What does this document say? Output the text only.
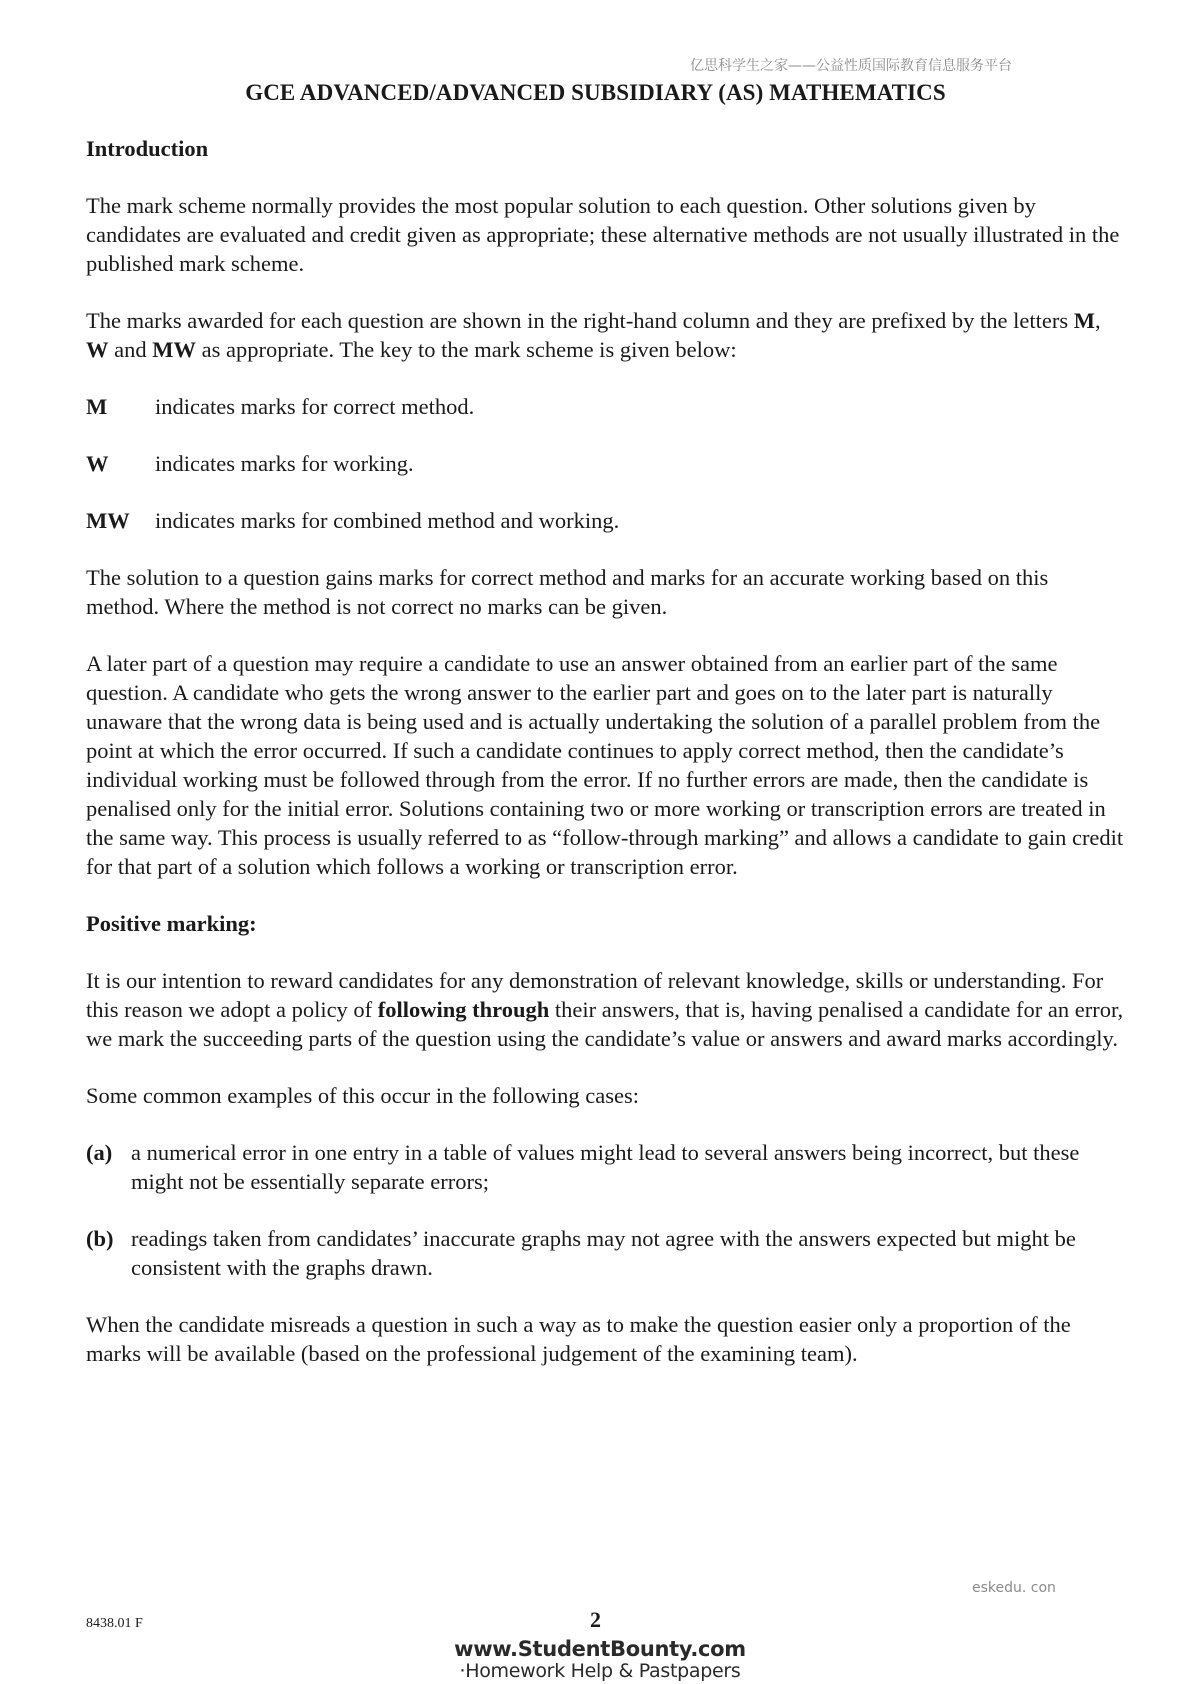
亿思科学生之家——公益性质国际教育信息服务平台
GCE ADVANCED/ADVANCED SUBSIDIARY (AS) MATHEMATICS
Introduction

The mark scheme normally provides the most popular solution to each question. Other solutions given by candidates are evaluated and credit given as appropriate; these alternative methods are not usually illustrated in the published mark scheme.

The marks awarded for each question are shown in the right-hand column and they are prefixed by the letters M, W and MW as appropriate. The key to the mark scheme is given below:

M	indicates marks for correct method.
W	indicates marks for working.
MW	indicates marks for combined method and working.

The solution to a question gains marks for correct method and marks for an accurate working based on this method. Where the method is not correct no marks can be given.

A later part of a question may require a candidate to use an answer obtained from an earlier part of the same question. A candidate who gets the wrong answer to the earlier part and goes on to the later part is naturally unaware that the wrong data is being used and is actually undertaking the solution of a parallel problem from the point at which the error occurred. If such a candidate continues to apply correct method, then the candidate’s individual working must be followed through from the error. If no further errors are made, then the candidate is penalised only for the initial error. Solutions containing two or more working or transcription errors are treated in the same way. This process is usually referred to as “follow-through marking” and allows a candidate to gain credit for that part of a solution which follows a working or transcription error.

Positive marking:

It is our intention to reward candidates for any demonstration of relevant knowledge, skills or understanding. For this reason we adopt a policy of following through their answers, that is, having penalised a candidate for an error, we mark the succeeding parts of the question using the candidate’s value or answers and award marks accordingly.

Some common examples of this occur in the following cases:

(a) a numerical error in one entry in a table of values might lead to several answers being incorrect, but these might not be essentially separate errors;
(b) readings taken from candidates’ inaccurate graphs may not agree with the answers expected but might be consistent with the graphs drawn.

When the candidate misreads a question in such a way as to make the question easier only a proportion of the marks will be available (based on the professional judgement of the examining team).

eskedu. con
8438.01 F	2
www.StudentBounty.com
·Homework Help & Pastpapers
